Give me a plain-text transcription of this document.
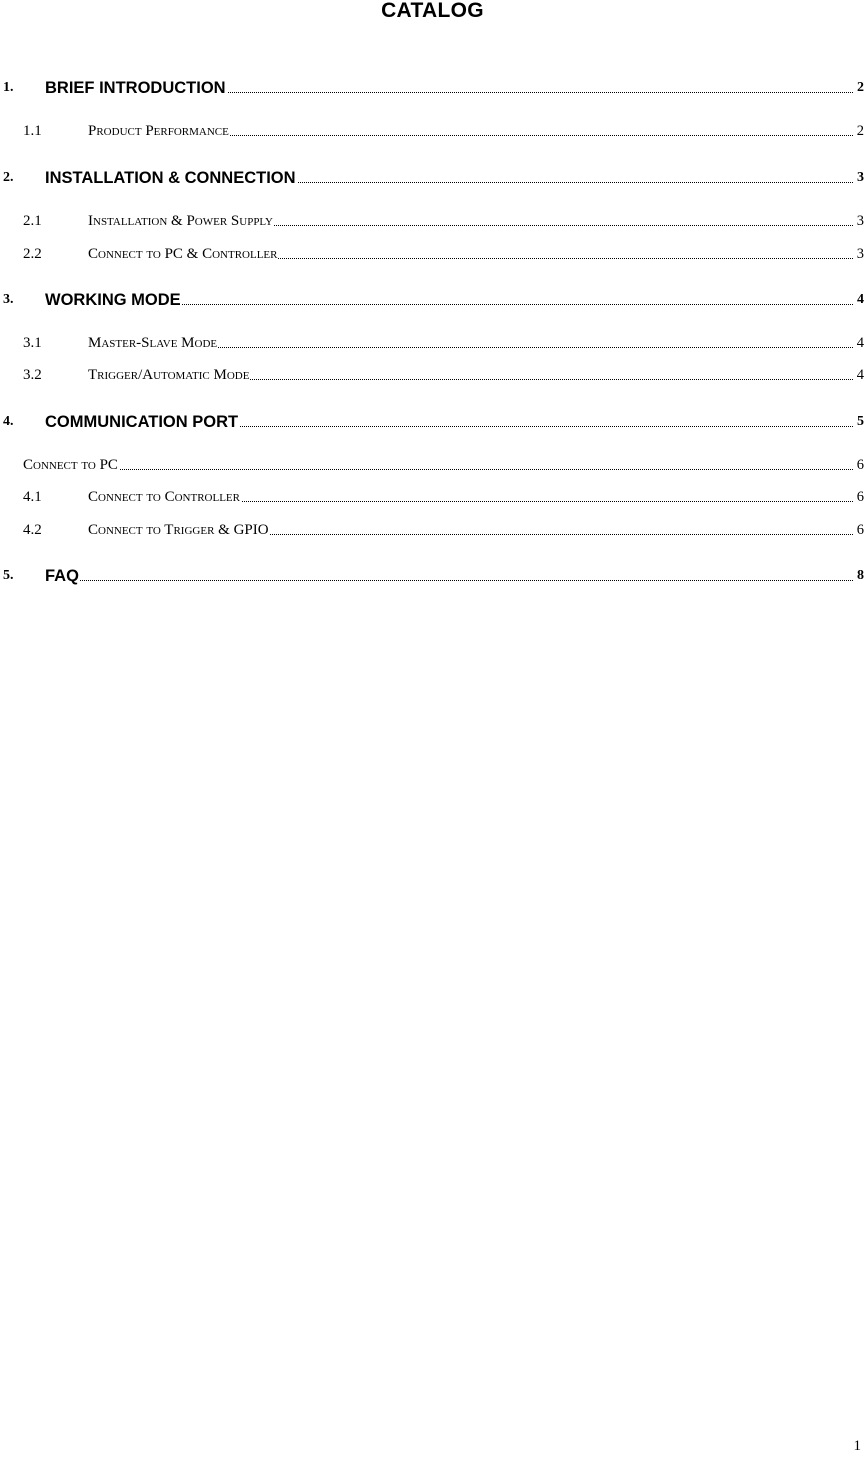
CATALOG
1. BRIEF INTRODUCTION	2
1.1	Product Performance	2
2. INSTALLATION & CONNECTION	3
2.1	Installation & Power Supply	3
2.2	Connect to PC & Controller	3
3. WORKING MODE	4
3.1	Master-Slave Mode	4
3.2	Trigger/Automatic Mode	4
4. COMMUNICATION PORT	5
Connect to PC	6
4.1	Connect to Controller	6
4.2	Connect to Trigger & GPIO	6
5. FAQ	8
1
